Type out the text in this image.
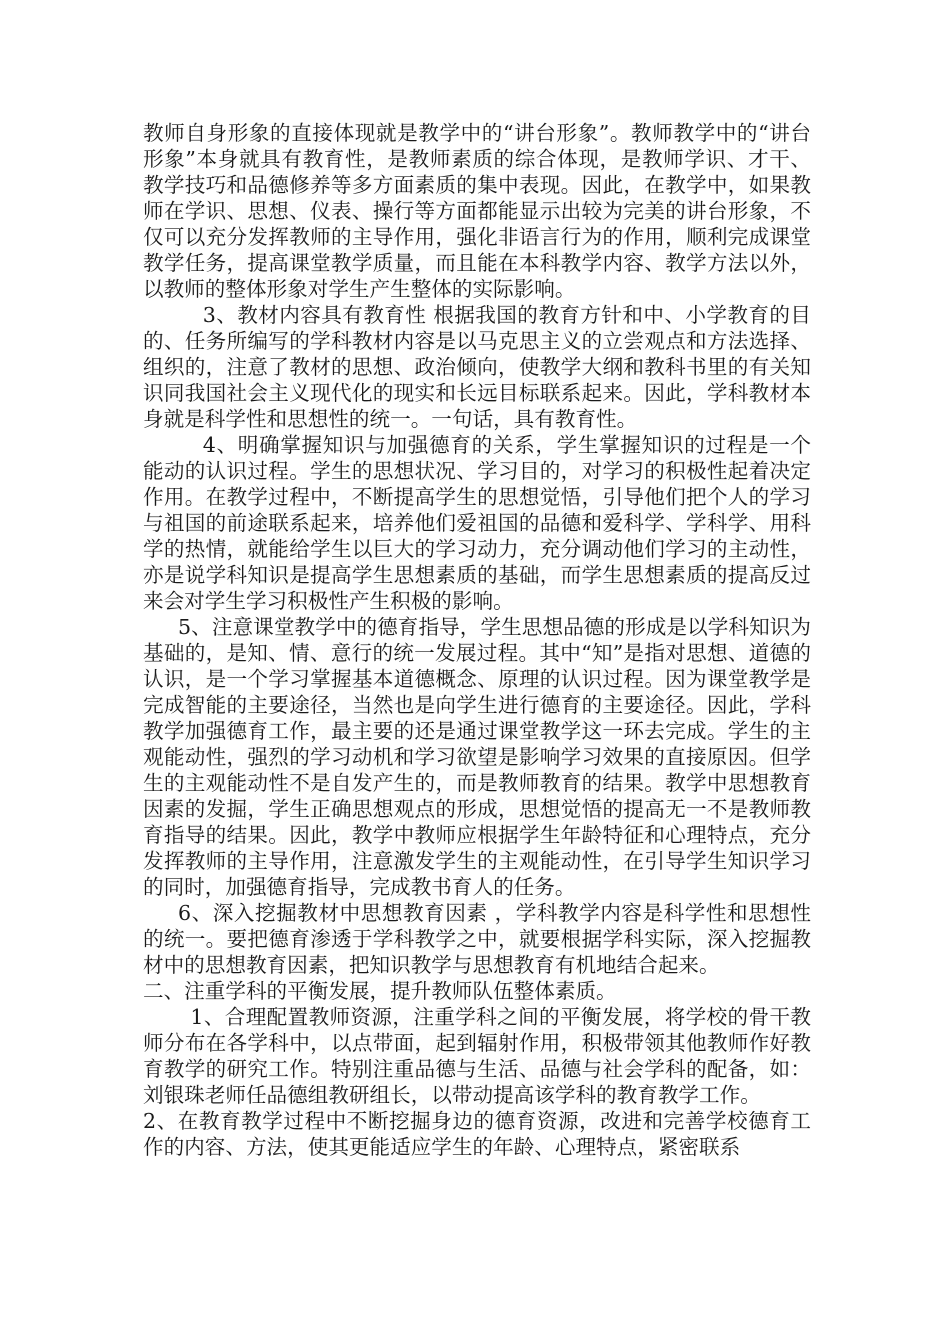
教师自身形象的直接体现就是教学中的“讲台形象”。教师教学中的“讲台形象”本身就具有教育性，是教师素质的综合体现，是教师学识、才干、教学技巧和品德修养等多方面素质的集中表现。因此，在教学中，如果教师在学识、思想、仪表、操行等方面都能显示出较为完美的讲台形象，不仅可以充分发挥教师的主导作用，强化非语言行为的作用，顺利完成课堂教学任务，提高课堂教学质量，而且能在本科教学内容、教学方法以外，以教师的整体形象对学生产生整体的实际影响。

3、教材内容具有教育性 根据我国的教育方针和中、小学教育的目的、任务所编写的学科教材内容是以马克思主义的立尝观点和方法选择、组织的，注意了教材的思想、政治倾向，使教学大纲和教科书里的有关知识同我国社会主义现代化的现实和长远目标联系起来。因此，学科教材本身就是科学性和思想性的统一。一句话，具有教育性。

4、明确掌握知识与加强德育的关系，学生掌握知识的过程是一个能动的认识过程。学生的思想状况、学习目的，对学习的积极性起着决定作用。在教学过程中，不断提高学生的思想觉悟，引导他们把个人的学习与祖国的前途联系起来，培养他们爱祖国的品德和爱科学、学科学、用科学的热情，就能给学生以巨大的学习动力，充分调动他们学习的主动性，亦是说学科知识是提高学生思想素质的基础，而学生思想素质的提高反过来会对学生学习积极性产生积极的影响。

5、注意课堂教学中的德育指导，学生思想品德的形成是以学科知识为基础的，是知、情、意行的统一发展过程。其中“知”是指对思想、道德的认识，是一个学习掌握基本道德概念、原理的认识过程。因为课堂教学是完成智能的主要途径，当然也是向学生进行德育的主要途径。因此，学科教学加强德育工作，最主要的还是通过课堂教学这一环去完成。学生的主观能动性，强烈的学习动机和学习欲望是影响学习效果的直接原因。但学生的主观能动性不是自发产生的，而是教师教育的结果。教学中思想教育因素的发掘，学生正确思想观点的形成，思想觉悟的提高无一不是教师教育指导的结果。因此，教学中教师应根据学生年龄特征和心理特点，充分发挥教师的主导作用，注意激发学生的主观能动性，在引导学生知识学习的同时，加强德育指导，完成教书育人的任务。

6、深入挖掘教材中思想教育因素 ，学科教学内容是科学性和思想性的统一。要把德育渗透于学科教学之中，就要根据学科实际，深入挖掘教材中的思想教育因素，把知识教学与思想教育有机地结合起来。

二、注重学科的平衡发展，提升教师队伍整体素质。

1、合理配置教师资源，注重学科之间的平衡发展，将学校的骨干教师分布在各学科中，以点带面，起到辐射作用，积极带领其他教师作好教育教学的研究工作。特别注重品德与生活、品德与社会学科的配备，如：刘银珠老师任品德组教研组长，以带动提高该学科的教育教学工作。

2、在教育教学过程中不断挖掘身边的德育资源，改进和完善学校德育工作的内容、方法，使其更能适应学生的年龄、心理特点，紧密联系
